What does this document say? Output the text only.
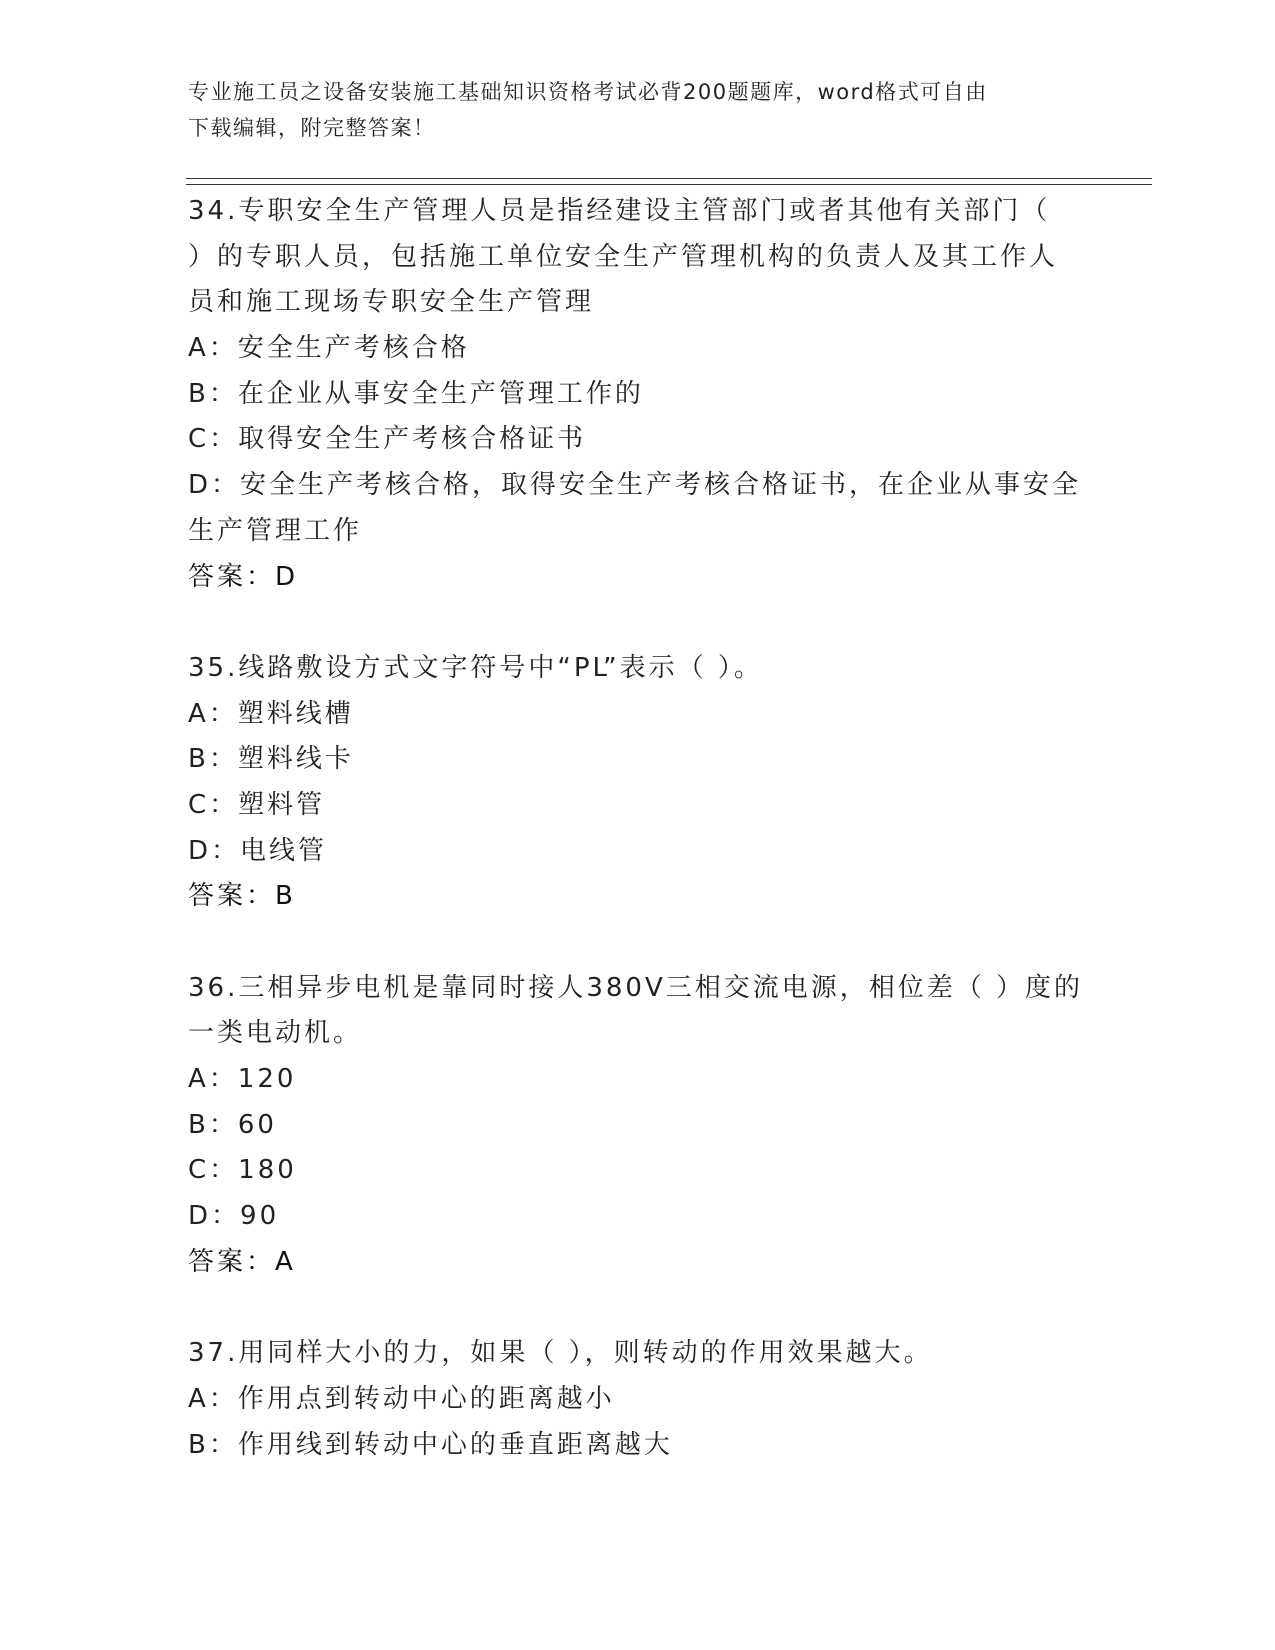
专业施工员之设备安装施工基础知识资格考试必背200题题库，word格式可自由
下载编辑，附完整答案！
34.专职安全生产管理人员是指经建设主管部门或者其他有关部门（
）的专职人员，包括施工单位安全生产管理机构的负责人及其工作人
员和施工现场专职安全生产管理
A：安全生产考核合格
B：在企业从事安全生产管理工作的
C：取得安全生产考核合格证书
D：安全生产考核合格，取得安全生产考核合格证书，在企业从事安全
生产管理工作
答案：D
35.线路敷设方式文字符号中“PL”表示（ ）。
A：塑料线槽
B：塑料线卡
C：塑料管
D：电线管
答案：B
36.三相异步电机是靠同时接人380V三相交流电源，相位差（ ）度的
一类电动机。
A：120
B：60
C：180
D：90
答案：A
37.用同样大小的力，如果（ ），则转动的作用效果越大。
A：作用点到转动中心的距离越小
B：作用线到转动中心的垂直距离越大
